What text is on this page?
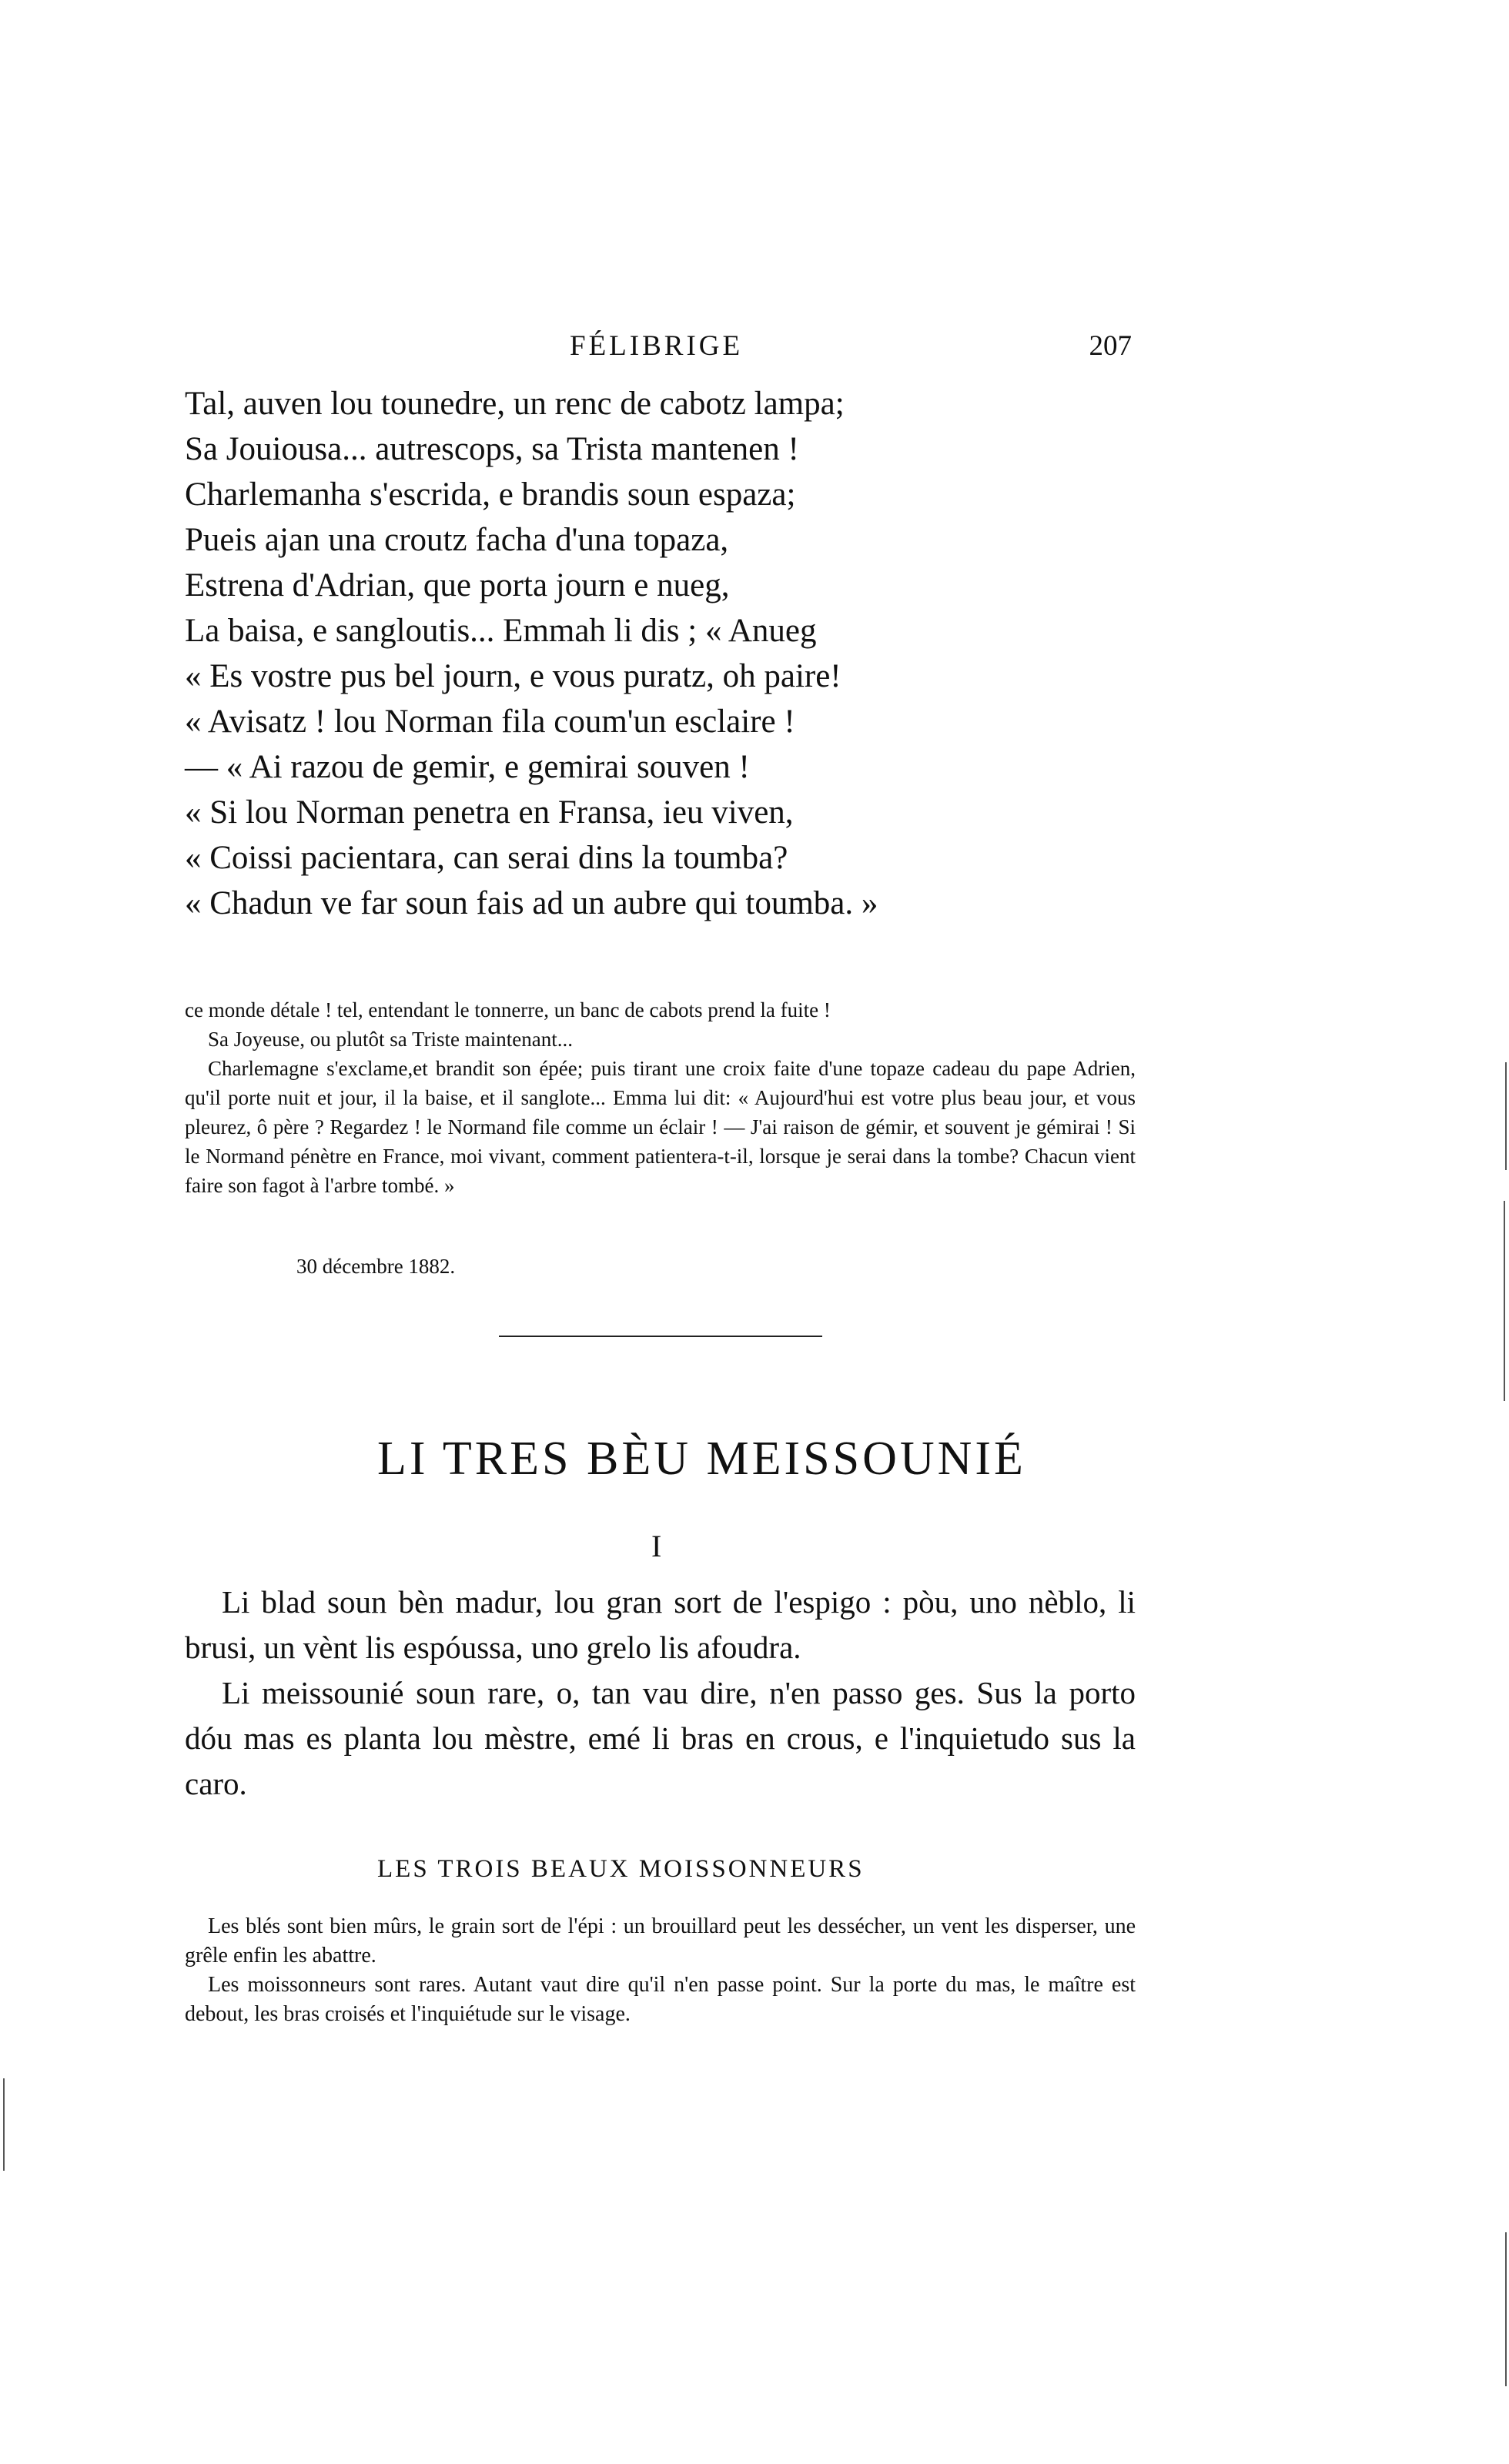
FÉLIBRIGE	207
Tal, auven lou tounedre, un renc de cabotz lampa;
Sa Jouiousa... autrescops, sa Trista mantenen !
Charlemanha s'escrida, e brandis soun espaza;
Pueis ajan una croutz facha d'una topaza,
Estrena d'Adrian, que porta journ e nueg,
La baisa, e sangloutis... Emmah li dis ; « Anueg
« Es vostre pus bel journ, e vous puratz, oh paire!
« Avisatz ! lou Norman fila coum'un esclaire !
— « Ai razou de gemir, e gemirai souven !
« Si lou Norman penetra en Fransa, ieu viven,
« Coissi pacientara, can serai dins la toumba?
« Chadun ve far soun fais ad un aubre qui toumba. »

ce monde détale ! tel, entendant le tonnerre, un banc de cabots prend la fuite !

Sa Joyeuse, ou plutôt sa Triste maintenant...

Charlemagne s'exclame,et brandit son épée; puis tirant une croix faite d'une topaze cadeau du pape Adrien, qu'il porte nuit et jour, il la baise, et il sanglote... Emma lui dit: « Aujourd'hui est votre plus beau jour, et vous pleurez, ô père ? Regardez ! le Normand file comme un éclair ! — J'ai raison de gémir, et souvent je gémirai ! Si le Normand pénètre en France, moi vivant, comment patientera-t-il, lorsque je serai dans la tombe? Chacun vient faire son fagot à l'arbre tombé. »

30 décembre 1882.
LI TRES BÈU MEISSOUNIÉ
I

Li blad soun bèn madur, lou gran sort de l'espigo : pòu, uno nèblo, li brusi, un vènt lis espóussa, uno grelo lis afoudra.

Li meissounié soun rare, o, tan vau dire, n'en passo ges. Sus la porto dóu mas es planta lou mèstre, emé li bras en crous, e l'inquietudo sus la caro.

LES TROIS BEAUX MOISSONNEURS

Les blés sont bien mûrs, le grain sort de l'épi : un brouillard peut les dessécher, un vent les disperser, une grêle enfin les abattre.

Les moissonneurs sont rares. Autant vaut dire qu'il n'en passe point. Sur la porte du mas, le maître est debout, les bras croisés et l'inquiétude sur le visage.
